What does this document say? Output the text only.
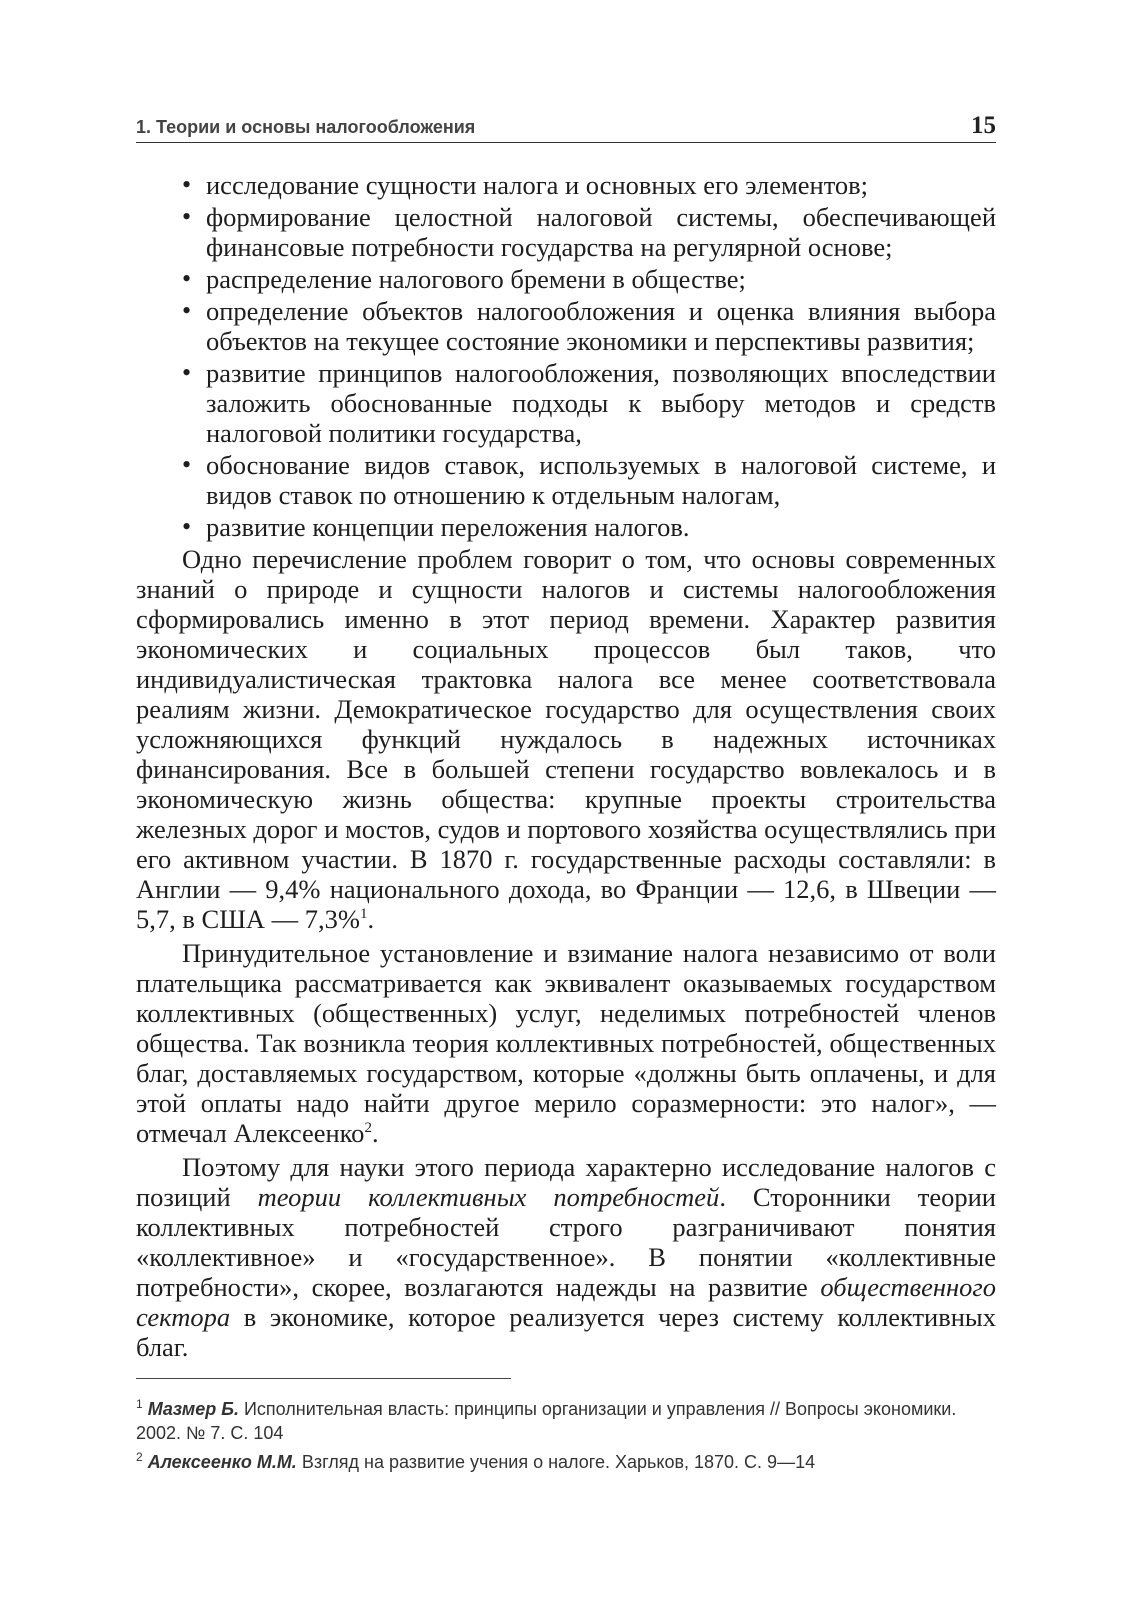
1. Теории и основы налогообложения	15
• исследование сущности налога и основных его элементов;
• формирование целостной налоговой системы, обеспечивающей финансовые потребности государства на регулярной основе;
• распределение налогового бремени в обществе;
• определение объектов налогообложения и оценка влияния выбора объектов на текущее состояние экономики и перспективы развития;
• развитие принципов налогообложения, позволяющих впоследствии заложить обоснованные подходы к выбору методов и средств налоговой политики государства,
• обоснование видов ставок, используемых в налоговой системе, и видов ставок по отношению к отдельным налогам,
• развитие концепции переложения налогов.

Одно перечисление проблем говорит о том, что основы современных знаний о природе и сущности налогов и системы налогообложения сформировались именно в этот период времени. Характер развития экономических и социальных процессов был таков, что индивидуалистическая трактовка налога все менее соответствовала реалиям жизни. Демократическое государство для осуществления своих усложняющихся функций нуждалось в надежных источниках финансирования. Все в большей степени государство вовлекалось и в экономическую жизнь общества: крупные проекты строительства железных дорог и мостов, судов и портового хозяйства осуществлялись при его активном участии. В 1870 г. государственные расходы составляли: в Англии — 9,4% национального дохода, во Франции — 12,6, в Швеции — 5,7, в США — 7,3%$^1$.

Принудительное установление и взимание налога независимо от воли плательщика рассматривается как эквивалент оказываемых государством коллективных (общественных) услуг, неделимых потребностей членов общества. Так возникла теория коллективных потребностей, общественных благ, доставляемых государством, которые «должны быть оплачены, и для этой оплаты надо найти другое мерило соразмерности: это налог», — отмечал Алексеенко$^2$.

Поэтому для науки этого периода характерно исследование налогов с позиций теории коллективных потребностей. Сторонники теории коллективных потребностей строго разграничивают понятия «коллективное» и «государственное». В понятии «коллективные потребности», скорее, возлагаются надежды на развитие общественного сектора в экономике, которое реализуется через систему коллективных благ.

$^1$ Мазмер Б. Исполнительная власть: принципы организации и управления // Вопросы экономики. 2002. № 7. С. 104
$^2$ Алексеенко М.М. Взгляд на развитие учения о налоге. Харьков, 1870. С. 9—14
